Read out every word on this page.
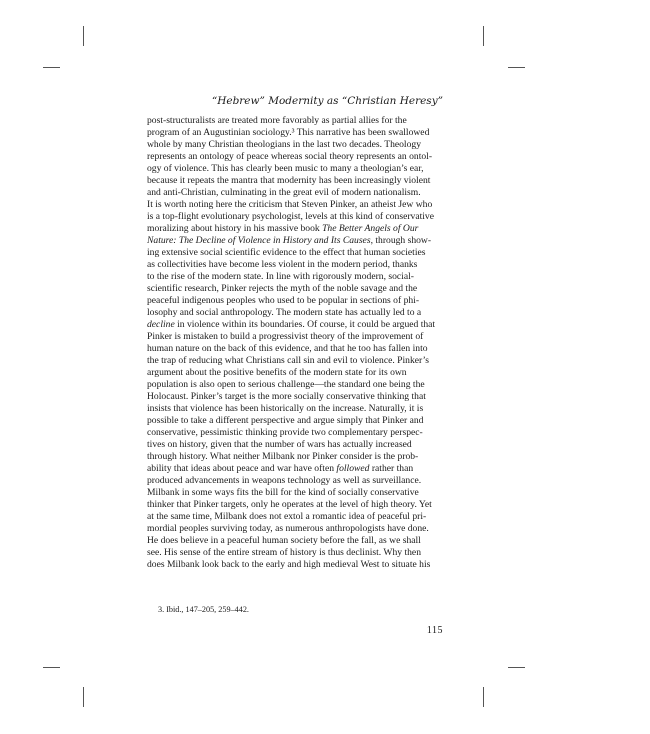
“Hebrew” Modernity as “Christian Heresy”
post-structuralists are treated more favorably as partial allies for the
program of an Augustinian sociology.³ This narrative has been swallowed
whole by many Christian theologians in the last two decades. Theology
represents an ontology of peace whereas social theory represents an ontol-
ogy of violence. This has clearly been music to many a theologian’s ear,
because it repeats the mantra that modernity has been increasingly violent
and anti-Christian, culminating in the great evil of modern nationalism.
It is worth noting here the criticism that Steven Pinker, an atheist Jew who
is a top-flight evolutionary psychologist, levels at this kind of conservative
moralizing about history in his massive book The Better Angels of Our
Nature: The Decline of Violence in History and Its Causes, through show-
ing extensive social scientific evidence to the effect that human societies
as collectivities have become less violent in the modern period, thanks
to the rise of the modern state. In line with rigorously modern, social-
scientific research, Pinker rejects the myth of the noble savage and the
peaceful indigenous peoples who used to be popular in sections of phi-
losophy and social anthropology. The modern state has actually led to a
decline in violence within its boundaries. Of course, it could be argued that
Pinker is mistaken to build a progressivist theory of the improvement of
human nature on the back of this evidence, and that he too has fallen into
the trap of reducing what Christians call sin and evil to violence. Pinker’s
argument about the positive benefits of the modern state for its own
population is also open to serious challenge—the standard one being the
Holocaust. Pinker’s target is the more socially conservative thinking that
insists that violence has been historically on the increase. Naturally, it is
possible to take a different perspective and argue simply that Pinker and
conservative, pessimistic thinking provide two complementary perspec-
tives on history, given that the number of wars has actually increased
through history. What neither Milbank nor Pinker consider is the prob-
ability that ideas about peace and war have often followed rather than
produced advancements in weapons technology as well as surveillance.
Milbank in some ways fits the bill for the kind of socially conservative
thinker that Pinker targets, only he operates at the level of high theory. Yet
at the same time, Milbank does not extol a romantic idea of peaceful pri-
mordial peoples surviving today, as numerous anthropologists have done.
He does believe in a peaceful human society before the fall, as we shall
see. His sense of the entire stream of history is thus declinist. Why then
does Milbank look back to the early and high medieval West to situate his
3. Ibid., 147–205, 259–442.
115
